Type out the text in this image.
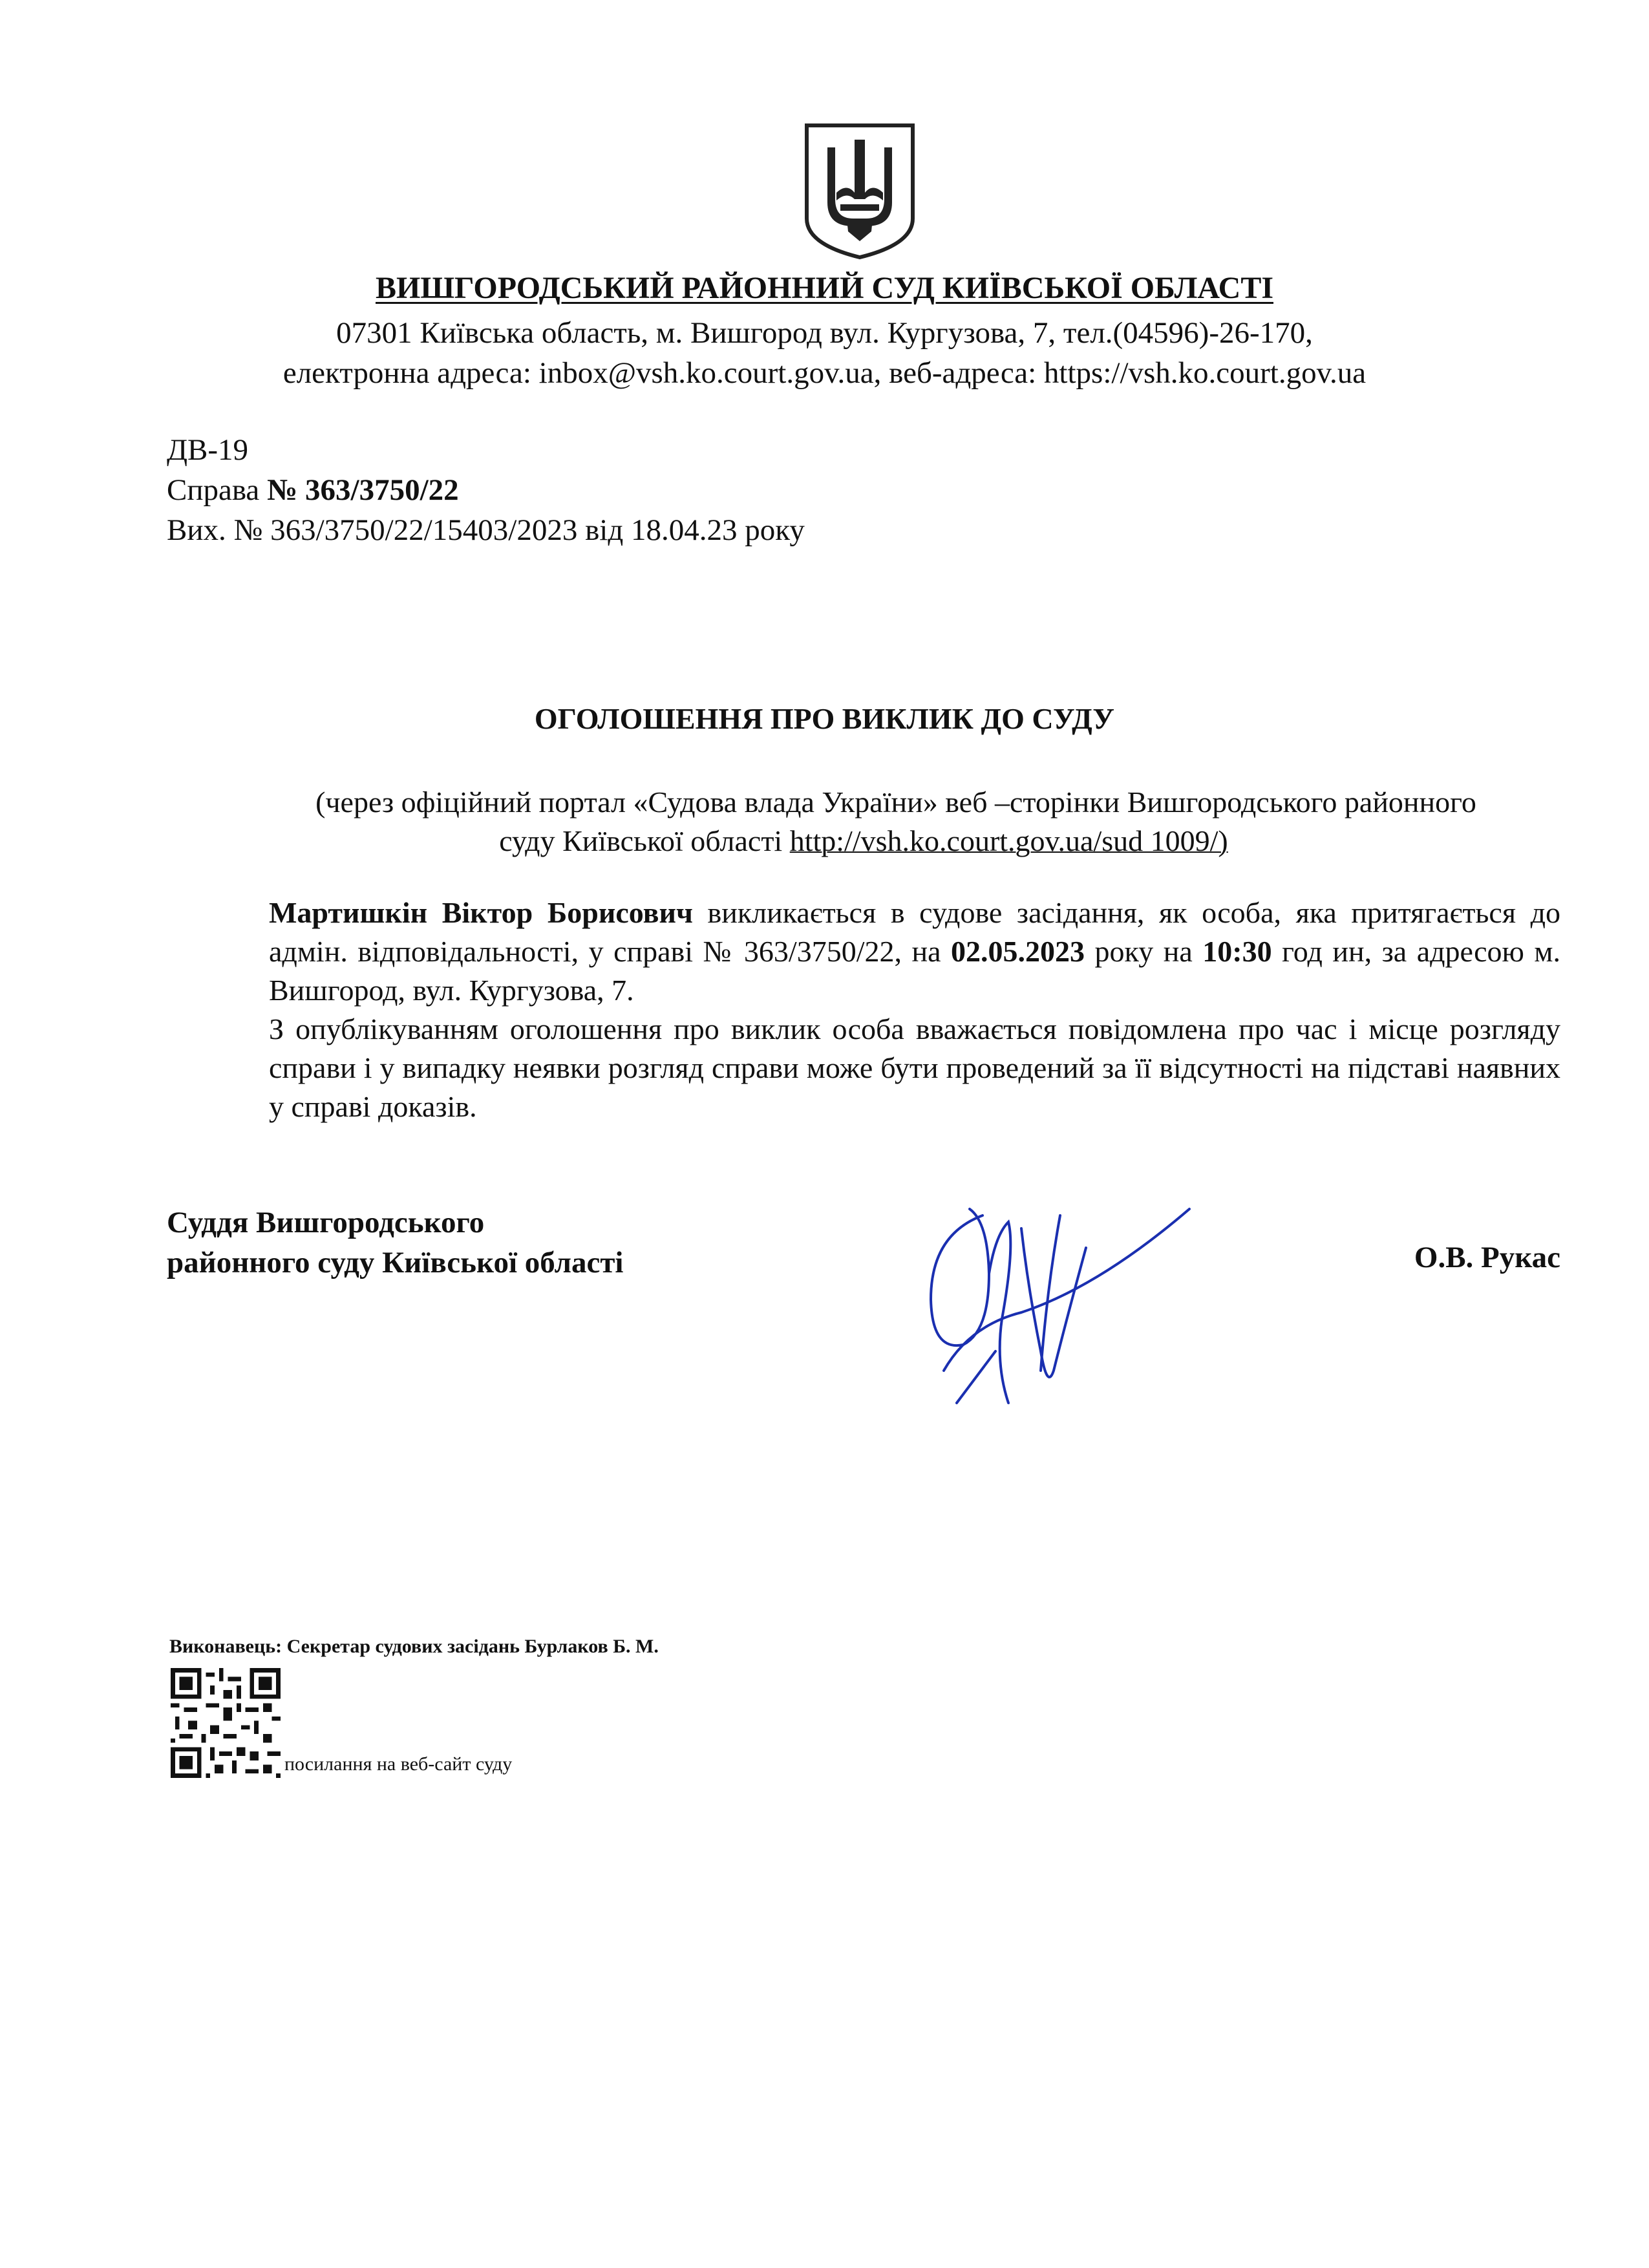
ВИШГОРОДСЬКИЙ РАЙОННИЙ СУД КИЇВСЬКОЇ ОБЛАСТІ
07301 Київська область, м. Вишгород вул. Кургузова, 7, тел.(04596)-26-170,
електронна адреса: inbox@vsh.ko.court.gov.ua, веб-адреса: https://vsh.ko.court.gov.ua
ДВ-19
Справа № 363/3750/22
Вих. № 363/3750/22/15403/2023 від 18.04.23 року
ОГОЛОШЕННЯ ПРО ВИКЛИК ДО СУДУ
(через офіційний портал «Судова влада України» веб –сторінки Вишгородського районного
суду Київської області http://vsh.ko.court.gov.ua/sud 1009/)

Мартишкін Віктор Борисович викликається в судове засідання, як особа, яка притягається до адмін. відповідальності, у справі № 363/3750/22, на 02.05.2023 року на 10:30 год ин, за адресою м. Вишгород, вул. Кургузова, 7.

З опублікуванням оголошення про виклик особа вважається повідомлена про час і місце розгляду справи і у випадку неявки розгляд справи може бути проведений за її відсутності на підставі наявних у справі доказів.

Суддя Вишгородського
районного суду Київської області	О.В. Рукас
Виконавець: Секретар судових засідань Бурлаков Б. М.
посилання на веб-сайт суду
